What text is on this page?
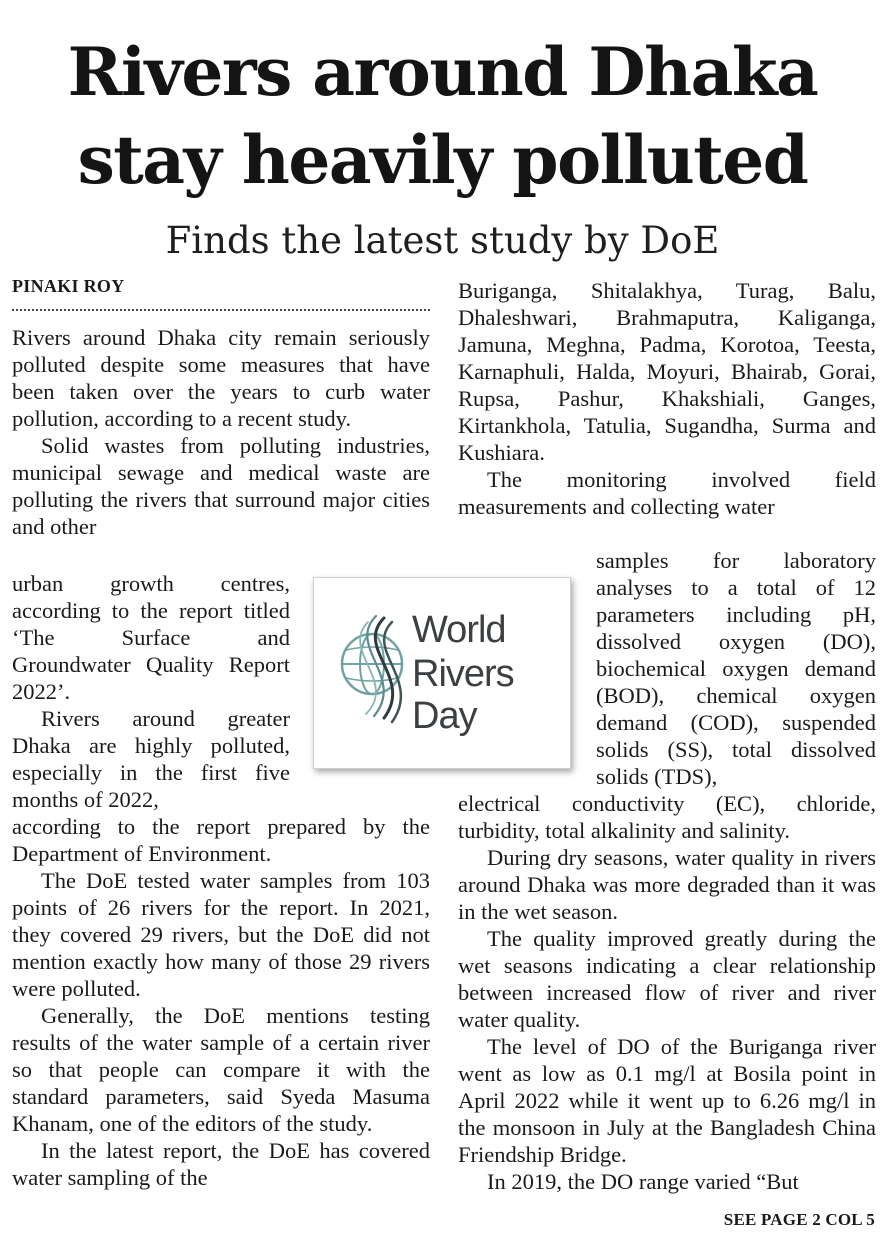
Rivers around Dhaka
stay heavily polluted
Finds the latest study by DoE
PINAKI ROY

Rivers around Dhaka city remain seriously polluted despite some measures that have been taken over the years to curb water pollution, according to a recent study.

Solid wastes from polluting industries, municipal sewage and medical waste are polluting the rivers that surround major cities and other

urban growth centres, according to the report titled ‘The Surface and Groundwater Quality Report 2022’.

Rivers around greater Dhaka are highly polluted, especially in the first five months of 2022,

according to the report prepared by the Department of Environment.

The DoE tested water samples from 103 points of 26 rivers for the report. In 2021, they covered 29 rivers, but the DoE did not mention exactly how many of those 29 rivers were polluted.

Generally, the DoE mentions testing results of the water sample of a certain river so that people can compare it with the standard parameters, said Syeda Masuma Khanam, one of the editors of the study.

In the latest report, the DoE has covered water sampling of the

Buriganga, Shitalakhya, Turag, Balu, Dhaleshwari, Brahmaputra, Kaliganga, Jamuna, Meghna, Padma, Korotoa, Teesta, Karnaphuli, Halda, Moyuri, Bhairab, Gorai, Rupsa, Pashur, Khakshiali, Ganges, Kirtankhola, Tatulia, Sugandha, Surma and Kushiara.

The monitoring involved field measurements and collecting water

samples for laboratory analyses to a total of 12 parameters including pH, dissolved oxygen (DO), biochemical oxygen demand (BOD), chemical oxygen demand (COD), suspended solids (SS), total dissolved solids (TDS),

electrical conductivity (EC), chloride, turbidity, total alkalinity and salinity.

During dry seasons, water quality in rivers around Dhaka was more degraded than it was in the wet season.

The quality improved greatly during the wet seasons indicating a clear relationship between increased flow of river and river water quality.

The level of DO of the Buriganga river went as low as 0.1 mg/l at Bosila point in April 2022 while it went up to 6.26 mg/l in the monsoon in July at the Bangladesh China Friendship Bridge.

In 2019, the DO range varied “But

World
Rivers
Day
SEE PAGE 2 COL 5
